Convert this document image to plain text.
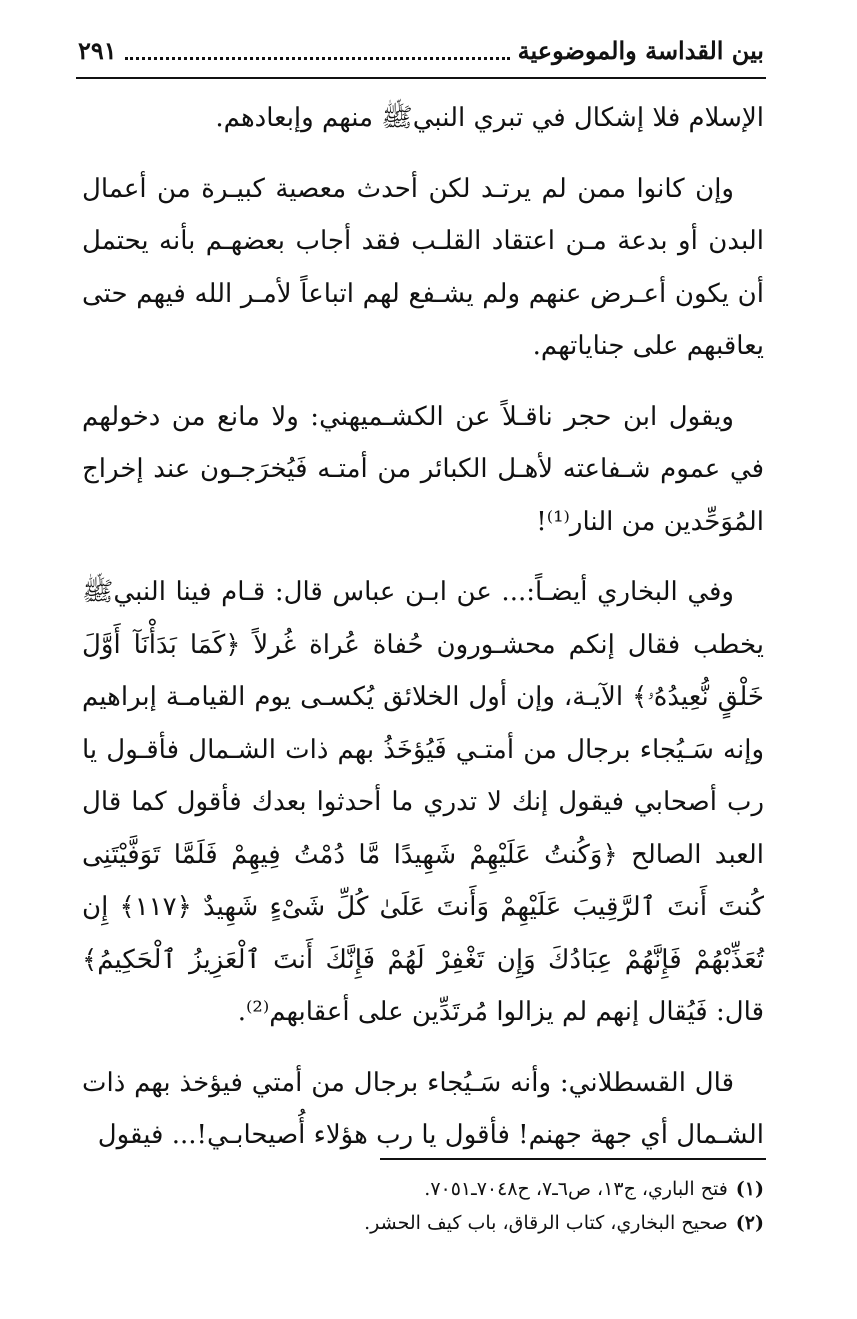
بين القداسة والموضوعية
٢٩١

الإسلام فلا إشكال في تبري النبيﷺ منهم وإبعادهم.

وإن كانوا ممن لم يرتـد لكن أحدث معصية كبيـرة من أعمال البدن أو بدعة مـن اعتقاد القلـب فقد أجاب بعضهـم بأنه يحتمل أن يكون أعـرض عنهم ولم يشـفع لهم اتباعاً لأمـر الله فيهم حتى يعاقبهم على جناياتهم.

ويقول ابن حجر ناقـلاً عن الكشـميهني: ولا مانع من دخولهم في عموم شـفاعته لأهـل الكبائر من أمتـه فَيُخرَجـون عند إخراج المُوَحِّدين من النار⁽¹⁾!

وفي البخاري أيضـاً:... عن ابـن عباس قال: قـام فينا النبيﷺ يخطب فقال إنكم محشـورون حُفاة عُراة غُرلاً ﴿كَمَا بَدَأْنَآ أَوَّلَ خَلْقٍ نُّعِيدُهُۥ﴾ الآيـة، وإن أول الخلائق يُكسـى يوم القيامـة إبراهيم وإنه سَـيُجاء برجال من أمتـي فَيُؤخَذُ بهم ذات الشـمال فأقـول يا رب أصحابي فيقول إنك لا تدري ما أحدثوا بعدك فأقول كما قال العبد الصالح ﴿وَكُنتُ عَلَيْهِمْ شَهِيدًا مَّا دُمْتُ فِيهِمْ فَلَمَّا تَوَفَّيْتَنِى كُنتَ أَنتَ ٱلرَّقِيبَ عَلَيْهِمْ وَأَنتَ عَلَىٰ كُلِّ شَىْءٍ شَهِيدٌ ﴿١١٧﴾ إِن تُعَذِّبْهُمْ فَإِنَّهُمْ عِبَادُكَ وَإِن تَغْفِرْ لَهُمْ فَإِنَّكَ أَنتَ ٱلْعَزِيزُ ٱلْحَكِيمُ﴾ قال: فَيُقال إنهم لم يزالوا مُرتَدِّين على أعقابهم⁽²⁾.

قال القسطلاني: وأنه سَـيُجاء برجال من أمتي فيؤخذ بهم ذات الشـمال أي جهة جهنم! فأقول يا رب هؤلاء أُصيحابـي!... فيقول

(١)
فتح الباري، ج١٣، ص٦ـ٧، ح٧٠٤٨ـ٧٠٥١.
(٢)
صحيح البخاري، كتاب الرقاق، باب كيف الحشر.
